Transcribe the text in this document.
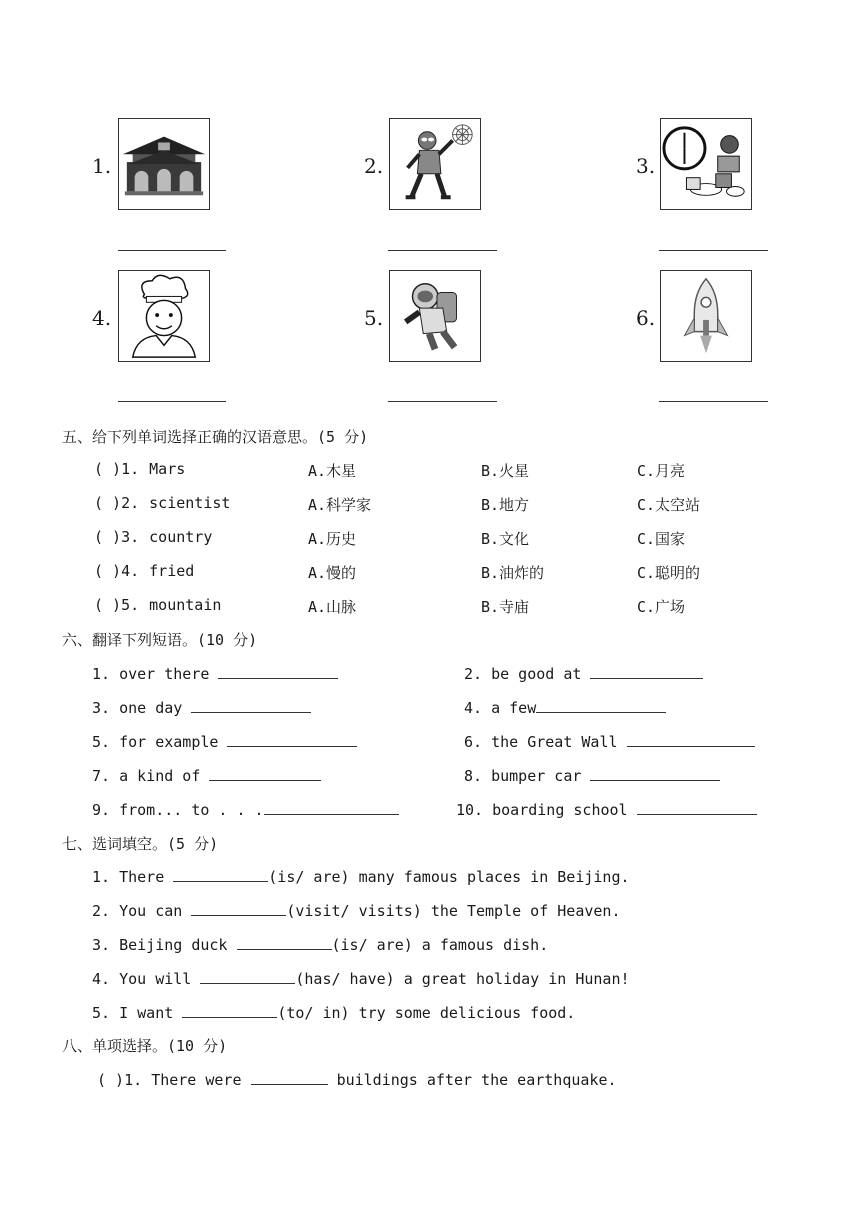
1.	2.	3.
4.	5.	6.
五、给下列单词选择正确的汉语意思。(5 分)
( )1. Mars	A.木星	B.火星	C.月亮
( )2. scientist	A.科学家	B.地方	C.太空站
( )3. country	A.历史	B.文化	C.国家
( )4. fried	A.慢的	B.油炸的	C.聪明的
( )5. mountain	A.山脉	B.寺庙	C.广场
六、翻译下列短语。(10 分)
1. over there	2. be good at
3. one day	4. a few
5. for example	6. the Great Wall
7. a kind of	8. bumper car
9. from... to . . .	10. boarding school
七、选词填空。(5 分)
1. There	(is/ are) many famous places in Beijing.
2. You can	(visit/ visits) the Temple of Heaven.
3. Beijing duck	(is/ are) a famous dish.
4. You will	(has/ have) a great holiday in Hunan!
5. I want	(to/ in) try some delicious food.
八、单项选择。(10 分)
( )1. There were	buildings after the earthquake.
